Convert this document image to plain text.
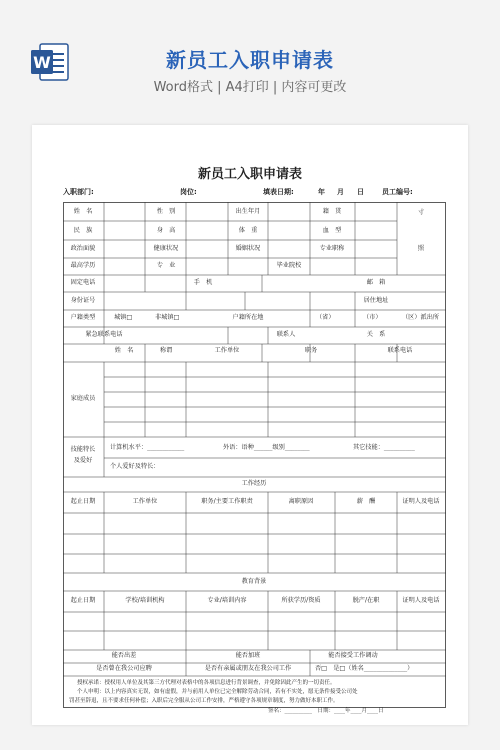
W	新员工入职申请表
Word格式 | A4打印 | 内容可更改
新员工入职申请表
入职部门:	岗位:	填表日期:	年 月 日	员工编号:
姓　名	性　别	出生年月	籍　贯
民　族	身　高	体　重	血　型
政治面貌	健康状况	婚姻状况	专业职称
最高学历	专　业	毕业院校
寸
照
固定电话	手　机	邮　箱
身份证号	居住地址
户籍类型	城镇□	非城镇□	户籍所在地	（省）	（市）	（区）派出所
紧急联系电话	联系人	关　系
家庭成员
姓　名	称谓	工作单位	职务	联系电话
技能特长
及爱好
计算机水平：____________	外语：语种______级别________	其它技能：__________
个人爱好及特长：
工作经历
起止日期	工作单位	职务/主要工作职责	离职原因	薪　酬	证明人及电话
教育背景
起止日期	学校/培训机构	专业/培训内容	所获学历/资质	脱产/在职	证明人及电话
能否出差	能否加班	能否接受工作调动
是否曾在我公司应聘	是否有亲属或朋友在我公司工作	否□　是□（姓名______________）
授权承诺：授权用人单位及其第三方代理对表格中的各项信息进行背景调查，并免除因此产生的一切责任。
个人申明：以上内容真实无误，如有虚假，并与前用人单位已完全解除劳动合同，若有不实处，愿无条件接受公司处
罚甚至辞退，且不要求任何补偿；入职后完全服从公司工作安排，严格遵守各项规章制度，努力做好本职工作。
签名：__________　日期：____年____月____日
